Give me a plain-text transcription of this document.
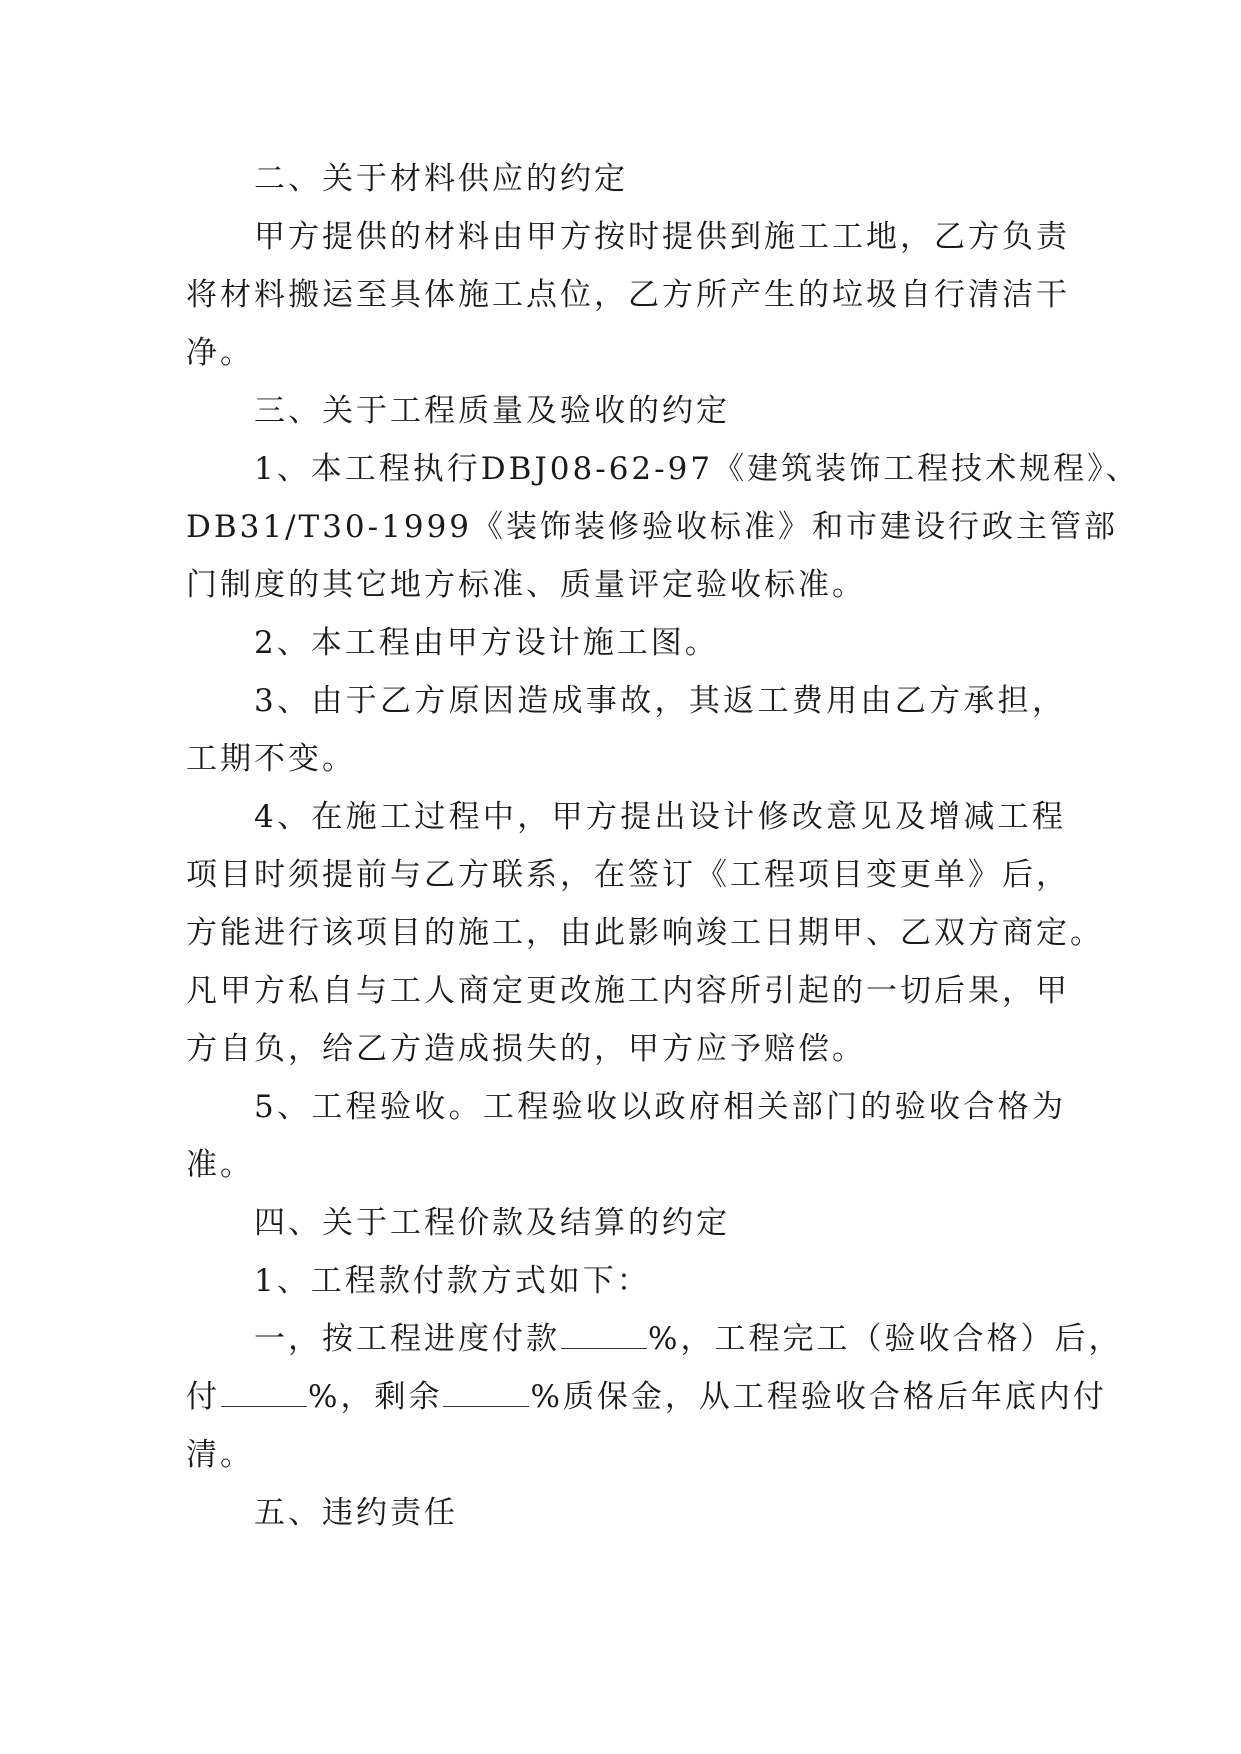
二、关于材料供应的约定
甲方提供的材料由甲方按时提供到施工工地，乙方负责
将材料搬运至具体施工点位，乙方所产生的垃圾自行清洁干
净。
三、关于工程质量及验收的约定
1、本工程执行DBJ08-62-97《建筑装饰工程技术规程》、
DB31/T30-1999《装饰装修验收标准》和市建设行政主管部
门制度的其它地方标准、质量评定验收标准。
2、本工程由甲方设计施工图。
3、由于乙方原因造成事故，其返工费用由乙方承担，
工期不变。
4、在施工过程中，甲方提出设计修改意见及增减工程
项目时须提前与乙方联系，在签订《工程项目变更单》后，
方能进行该项目的施工，由此影响竣工日期甲、乙双方商定。
凡甲方私自与工人商定更改施工内容所引起的一切后果，甲
方自负，给乙方造成损失的，甲方应予赔偿。
5、工程验收。工程验收以政府相关部门的验收合格为
准。
四、关于工程价款及结算的约定
1、工程款付款方式如下：
一，按工程进度付款	%，工程完工（验收合格）后，
付	%，剩余	%质保金，从工程验收合格后年底内付
清。
五、违约责任
